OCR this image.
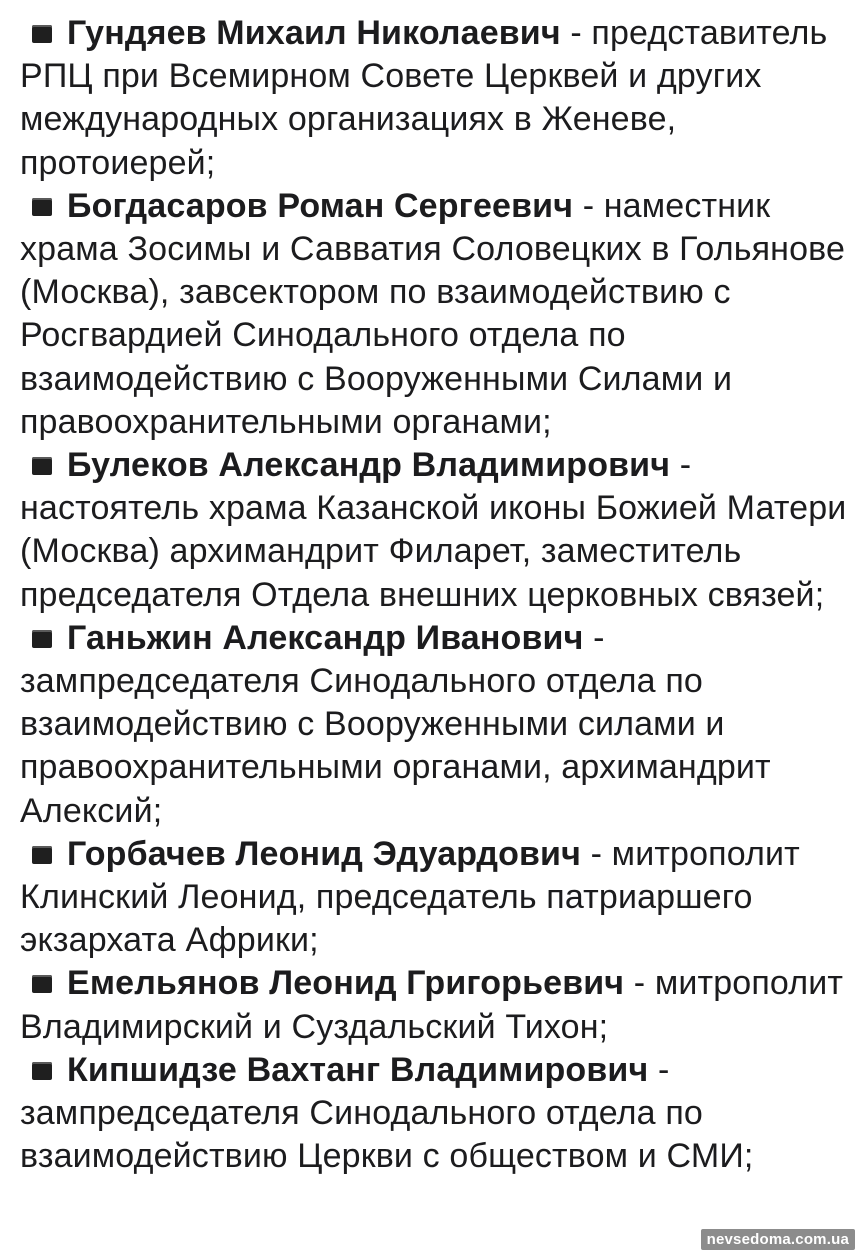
Гундяев Михаил Николаевич - представитель РПЦ при Всемирном Совете Церквей и других международных организациях в Женеве, протоиерей;

Богдасаров Роман Сергеевич - наместник храма Зосимы и Савватия Соловецких в Гольянове (Москва), завсектором по взаимодействию с Росгвардией Синодального отдела по взаимодействию с Вооруженными Силами и правоохранительными органами;

Булеков Александр Владимирович - настоятель храма Казанской иконы Божией Матери (Москва) архимандрит Филарет, заместитель председателя Отдела внешних церковных связей;

Ганьжин Александр Иванович - зампредседателя Синодального отдела по взаимодействию с Вооруженными силами и правоохранительными органами, архимандрит Алексий;

Горбачев Леонид Эдуардович - митрополит Клинский Леонид, председатель патриаршего экзархата Африки;

Емельянов Леонид Григорьевич - митрополит Владимирский и Суздальский Тихон;

Кипшидзе Вахтанг Владимирович - зампредседателя Синодального отдела по взаимодействию Церкви с обществом и СМИ;

nevsedoma.com.ua
